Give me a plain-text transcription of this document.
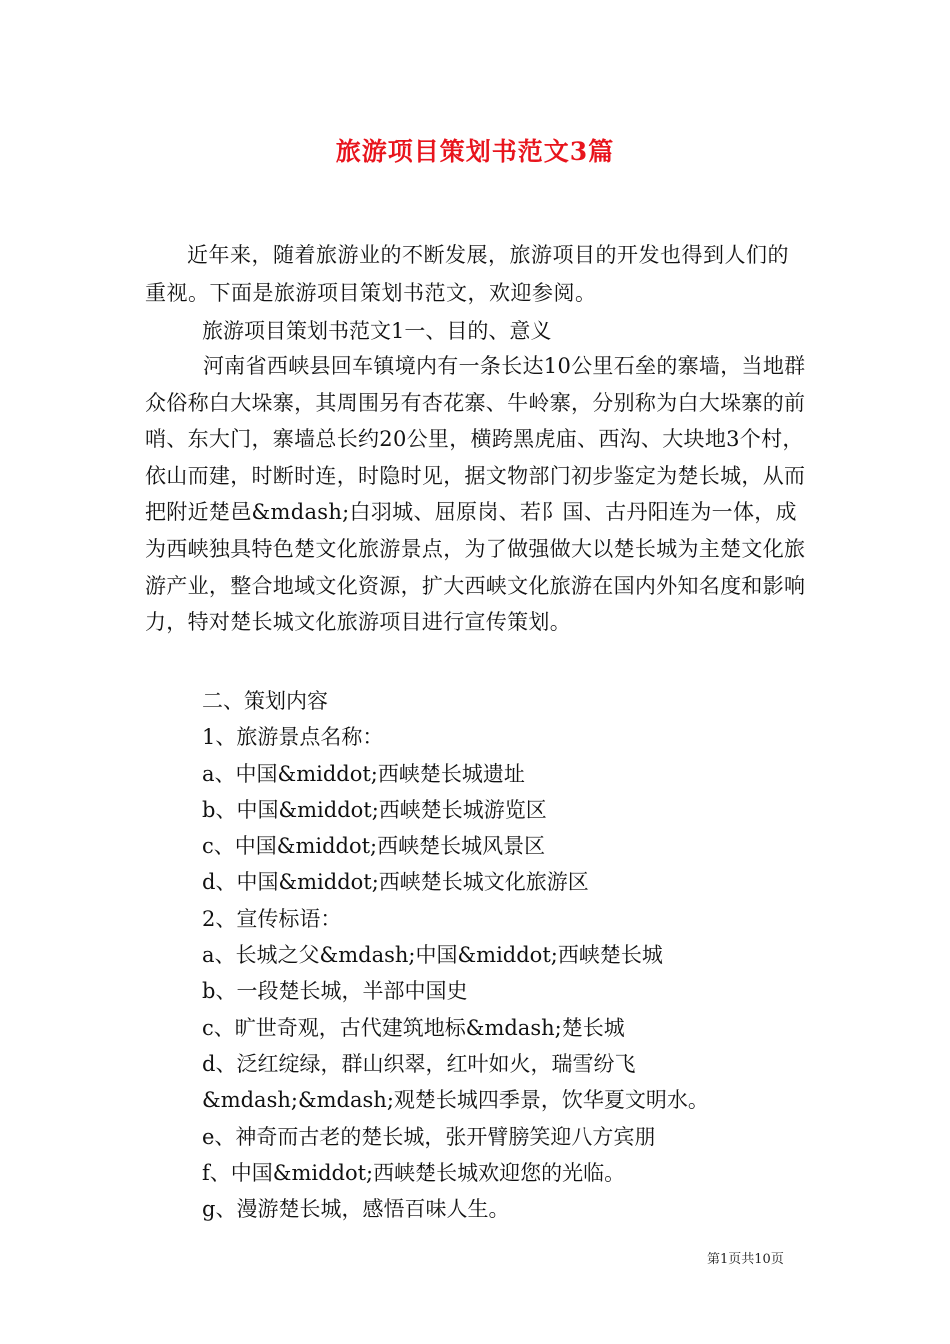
旅游项目策划书范文3篇
近年来，随着旅游业的不断发展，旅游项目的开发也得到人们的重视。下面是旅游项目策划书范文，欢迎参阅。
旅游项目策划书范文1一、目的、意义
河南省西峡县回车镇境内有一条长达10公里石垒的寨墙，当地群众俗称白大垛寨，其周围另有杏花寨、牛岭寨，分别称为白大垛寨的前哨、东大门，寨墙总长约20公里，横跨黑虎庙、西沟、大块地3个村，依山而建，时断时连，时隐时见，据文物部门初步鉴定为楚长城，从而把附近楚邑&mdash;白羽城、屈原岗、若阝国、古丹阳连为一体，成为西峡独具特色楚文化旅游景点，为了做强做大以楚长城为主楚文化旅游产业，整合地域文化资源，扩大西峡文化旅游在国内外知名度和影响力，特对楚长城文化旅游项目进行宣传策划。
二、策划内容
1、旅游景点名称：
a、中国&middot;西峡楚长城遗址
b、中国&middot;西峡楚长城游览区
c、中国&middot;西峡楚长城风景区
d、中国&middot;西峡楚长城文化旅游区
2、宣传标语：
a、长城之父&mdash;中国&middot;西峡楚长城
b、一段楚长城，半部中国史
c、旷世奇观，古代建筑地标&mdash;楚长城
d、泛红绽绿，群山织翠，红叶如火，瑞雪纷飞
&mdash;&mdash;观楚长城四季景，饮华夏文明水。
e、神奇而古老的楚长城，张开臂膀笑迎八方宾朋
f、中国&middot;西峡楚长城欢迎您的光临。
g、漫游楚长城，感悟百味人生。
第1页共10页
